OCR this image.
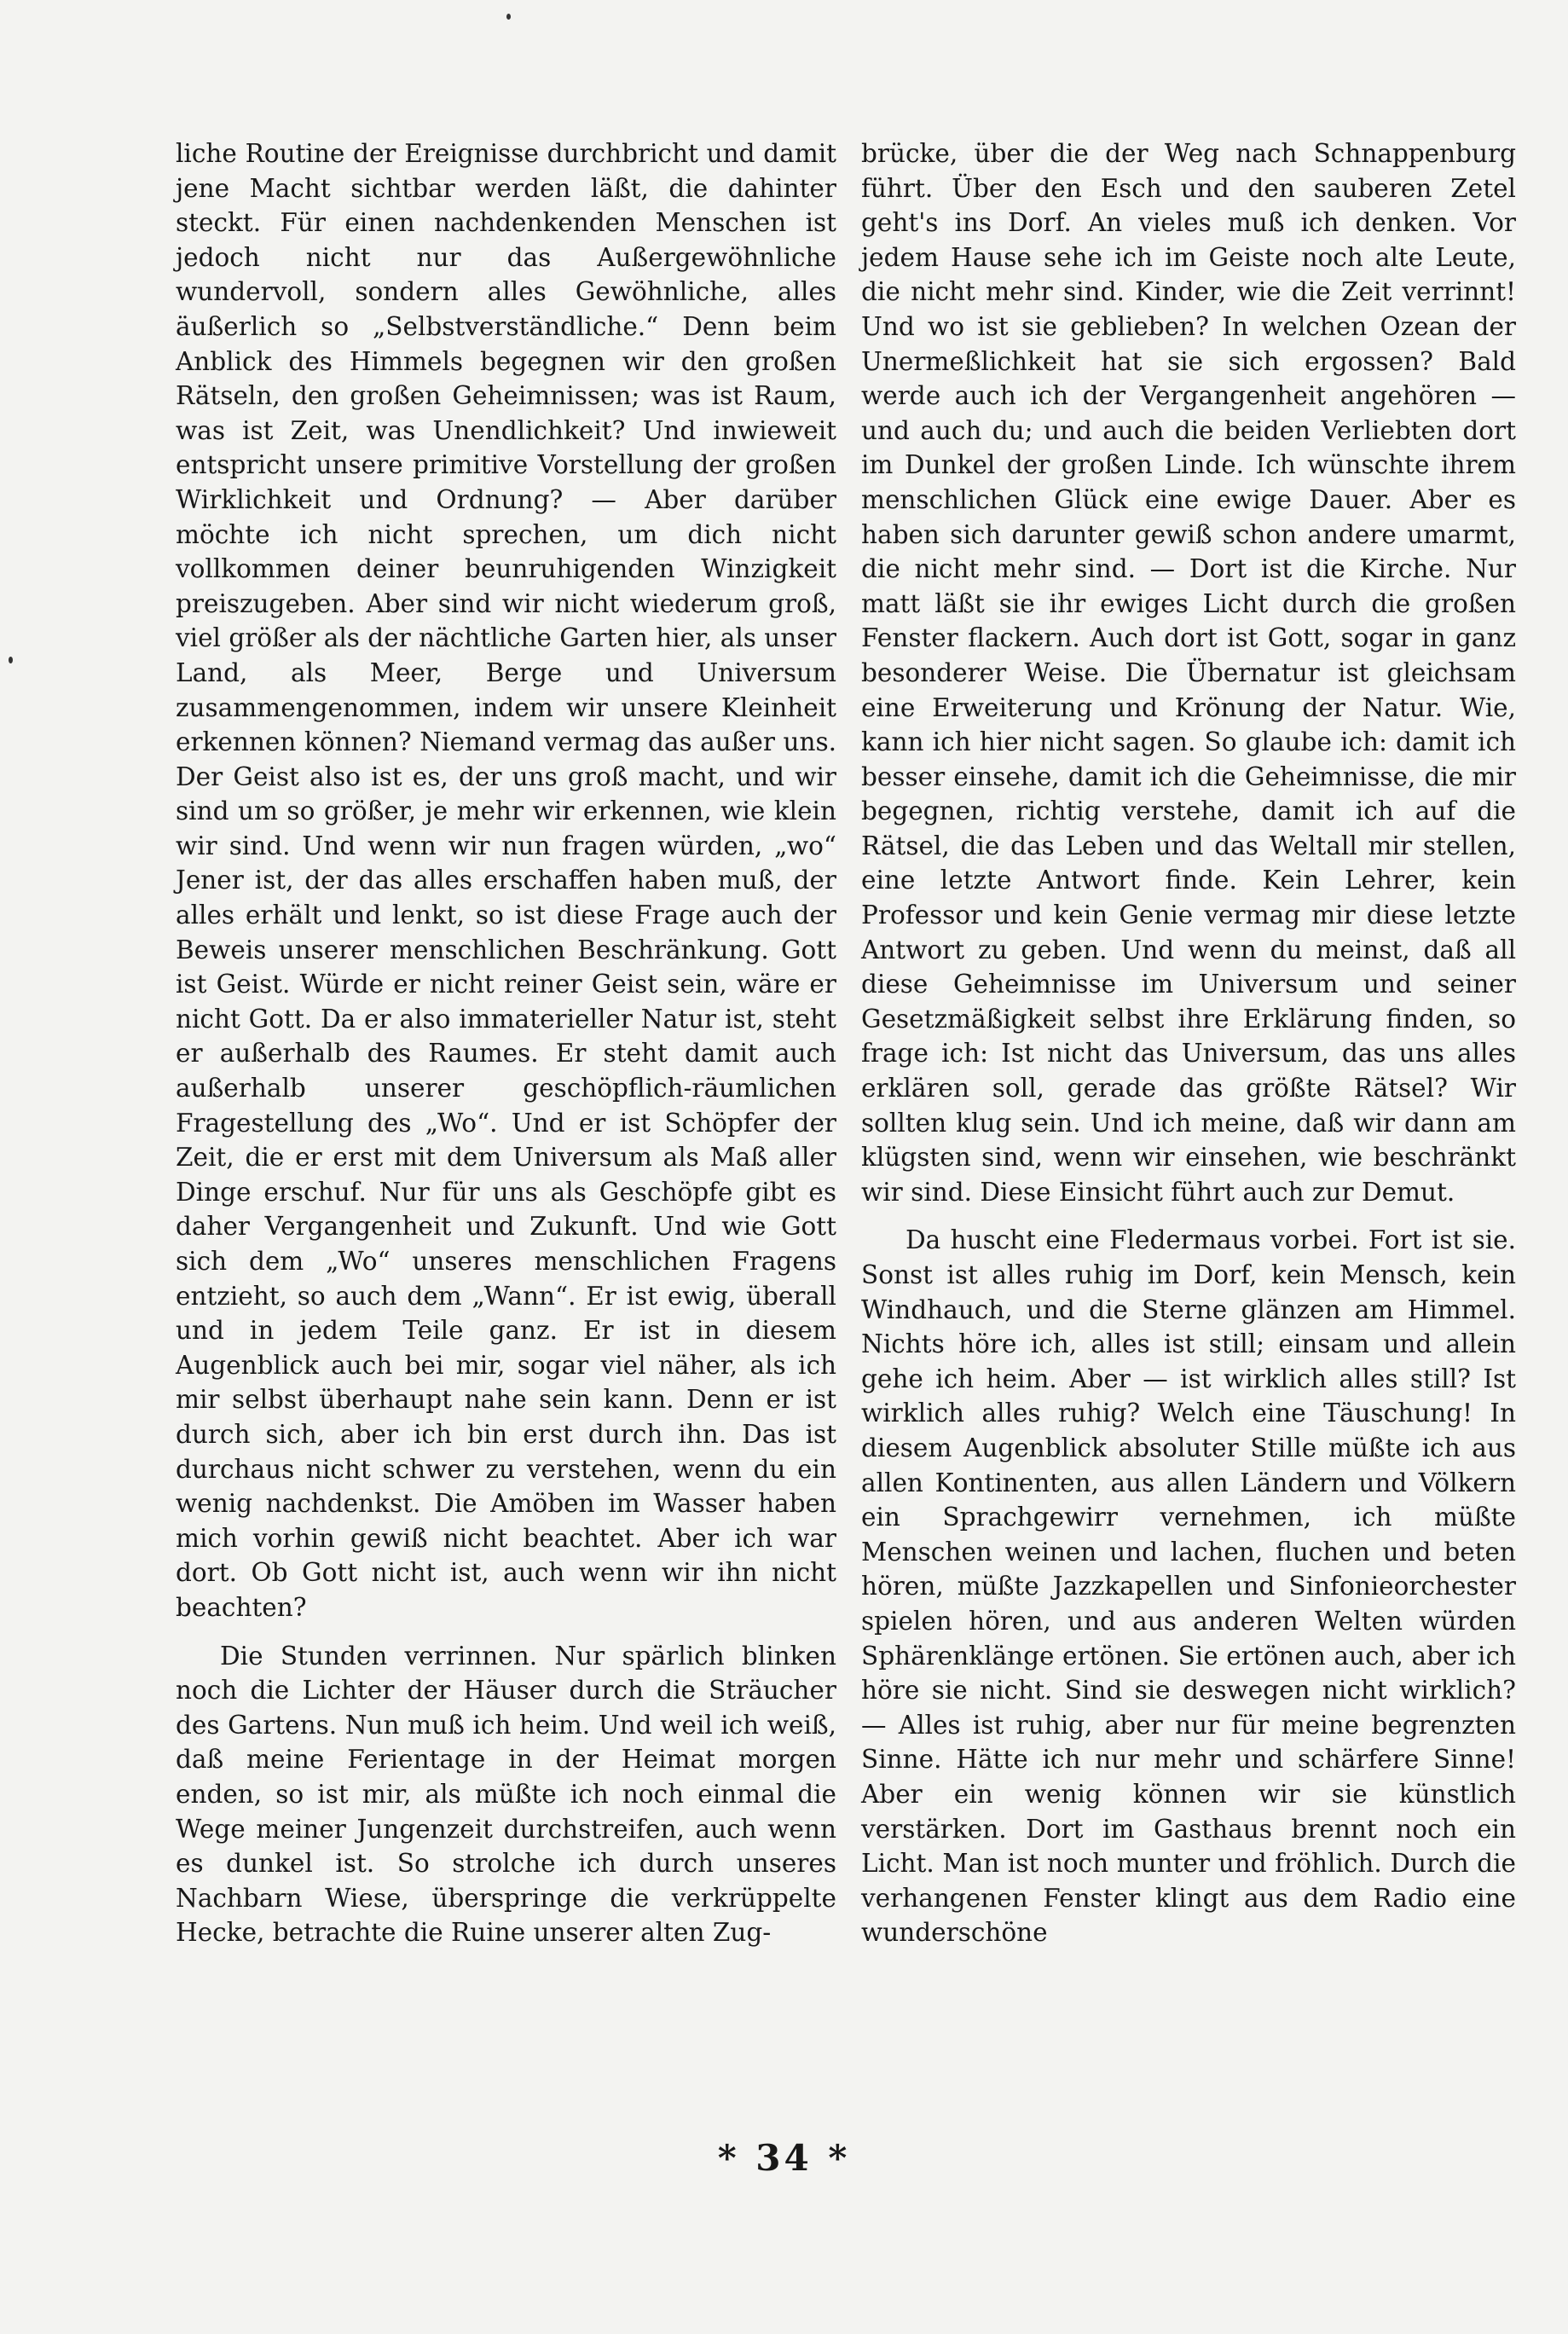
liche Routine der Ereignisse durchbricht und damit jene Macht sichtbar werden läßt, die dahinter steckt. Für einen nachdenkenden Menschen ist jedoch nicht nur das Außergewöhnliche wundervoll, sondern alles Gewöhnliche, alles äußerlich so „Selbstverständliche.“ Denn beim Anblick des Himmels begegnen wir den großen Rätseln, den großen Geheimnissen; was ist Raum, was ist Zeit, was Unendlichkeit? Und inwieweit entspricht unsere primitive Vorstellung der großen Wirklichkeit und Ordnung? — Aber darüber möchte ich nicht sprechen, um dich nicht vollkommen deiner beunruhigenden Winzigkeit preiszugeben. Aber sind wir nicht wiederum groß, viel größer als der nächtliche Garten hier, als unser Land, als Meer, Berge und Universum zusammengenommen, indem wir unsere Kleinheit erkennen können? Niemand vermag das außer uns. Der Geist also ist es, der uns groß macht, und wir sind um so größer, je mehr wir erkennen, wie klein wir sind. Und wenn wir nun fragen würden, „wo“ Jener ist, der das alles erschaffen haben muß, der alles erhält und lenkt, so ist diese Frage auch der Beweis unserer menschlichen Beschränkung. Gott ist Geist. Würde er nicht reiner Geist sein, wäre er nicht Gott. Da er also immaterieller Natur ist, steht er außerhalb des Raumes. Er steht damit auch außerhalb unserer geschöpflich-räumlichen Fragestellung des „Wo“. Und er ist Schöpfer der Zeit, die er erst mit dem Universum als Maß aller Dinge erschuf. Nur für uns als Geschöpfe gibt es daher Vergangenheit und Zukunft. Und wie Gott sich dem „Wo“ unseres menschlichen Fragens entzieht, so auch dem „Wann“. Er ist ewig, überall und in jedem Teile ganz. Er ist in diesem Augenblick auch bei mir, sogar viel näher, als ich mir selbst überhaupt nahe sein kann. Denn er ist durch sich, aber ich bin erst durch ihn. Das ist durchaus nicht schwer zu verstehen, wenn du ein wenig nachdenkst. Die Amöben im Wasser haben mich vorhin gewiß nicht beachtet. Aber ich war dort. Ob Gott nicht ist, auch wenn wir ihn nicht beachten?

Die Stunden verrinnen. Nur spärlich blinken noch die Lichter der Häuser durch die Sträucher des Gartens. Nun muß ich heim. Und weil ich weiß, daß meine Ferientage in der Heimat morgen enden, so ist mir, als müßte ich noch einmal die Wege meiner Jungenzeit durchstreifen, auch wenn es dunkel ist. So strolche ich durch unseres Nachbarn Wiese, überspringe die verkrüppelte Hecke, betrachte die Ruine unserer alten Zug-

brücke, über die der Weg nach Schnappenburg führt. Über den Esch und den sauberen Zetel geht's ins Dorf. An vieles muß ich denken. Vor jedem Hause sehe ich im Geiste noch alte Leute, die nicht mehr sind. Kinder, wie die Zeit verrinnt! Und wo ist sie geblieben? In welchen Ozean der Unermeßlichkeit hat sie sich ergossen? Bald werde auch ich der Vergangenheit angehören — und auch du; und auch die beiden Verliebten dort im Dunkel der großen Linde. Ich wünschte ihrem menschlichen Glück eine ewige Dauer. Aber es haben sich darunter gewiß schon andere umarmt, die nicht mehr sind. — Dort ist die Kirche. Nur matt läßt sie ihr ewiges Licht durch die großen Fenster flackern. Auch dort ist Gott, sogar in ganz besonderer Weise. Die Übernatur ist gleichsam eine Erweiterung und Krönung der Natur. Wie, kann ich hier nicht sagen. So glaube ich: damit ich besser einsehe, damit ich die Geheimnisse, die mir begegnen, richtig verstehe, damit ich auf die Rätsel, die das Leben und das Weltall mir stellen, eine letzte Antwort finde. Kein Lehrer, kein Professor und kein Genie vermag mir diese letzte Antwort zu geben. Und wenn du meinst, daß all diese Geheimnisse im Universum und seiner Gesetzmäßigkeit selbst ihre Erklärung finden, so frage ich: Ist nicht das Universum, das uns alles erklären soll, gerade das größte Rätsel? Wir sollten klug sein. Und ich meine, daß wir dann am klügsten sind, wenn wir einsehen, wie beschränkt wir sind. Diese Einsicht führt auch zur Demut.

Da huscht eine Fledermaus vorbei. Fort ist sie. Sonst ist alles ruhig im Dorf, kein Mensch, kein Windhauch, und die Sterne glänzen am Himmel. Nichts höre ich, alles ist still; einsam und allein gehe ich heim. Aber — ist wirklich alles still? Ist wirklich alles ruhig? Welch eine Täuschung! In diesem Augenblick absoluter Stille müßte ich aus allen Kontinenten, aus allen Ländern und Völkern ein Sprachgewirr vernehmen, ich müßte Menschen weinen und lachen, fluchen und beten hören, müßte Jazzkapellen und Sinfonieorchester spielen hören, und aus anderen Welten würden Sphärenklänge ertönen. Sie ertönen auch, aber ich höre sie nicht. Sind sie deswegen nicht wirklich? — Alles ist ruhig, aber nur für meine begrenzten Sinne. Hätte ich nur mehr und schärfere Sinne! Aber ein wenig können wir sie künstlich verstärken. Dort im Gasthaus brennt noch ein Licht. Man ist noch munter und fröhlich. Durch die verhangenen Fenster klingt aus dem Radio eine wunderschöne

* 34 *
